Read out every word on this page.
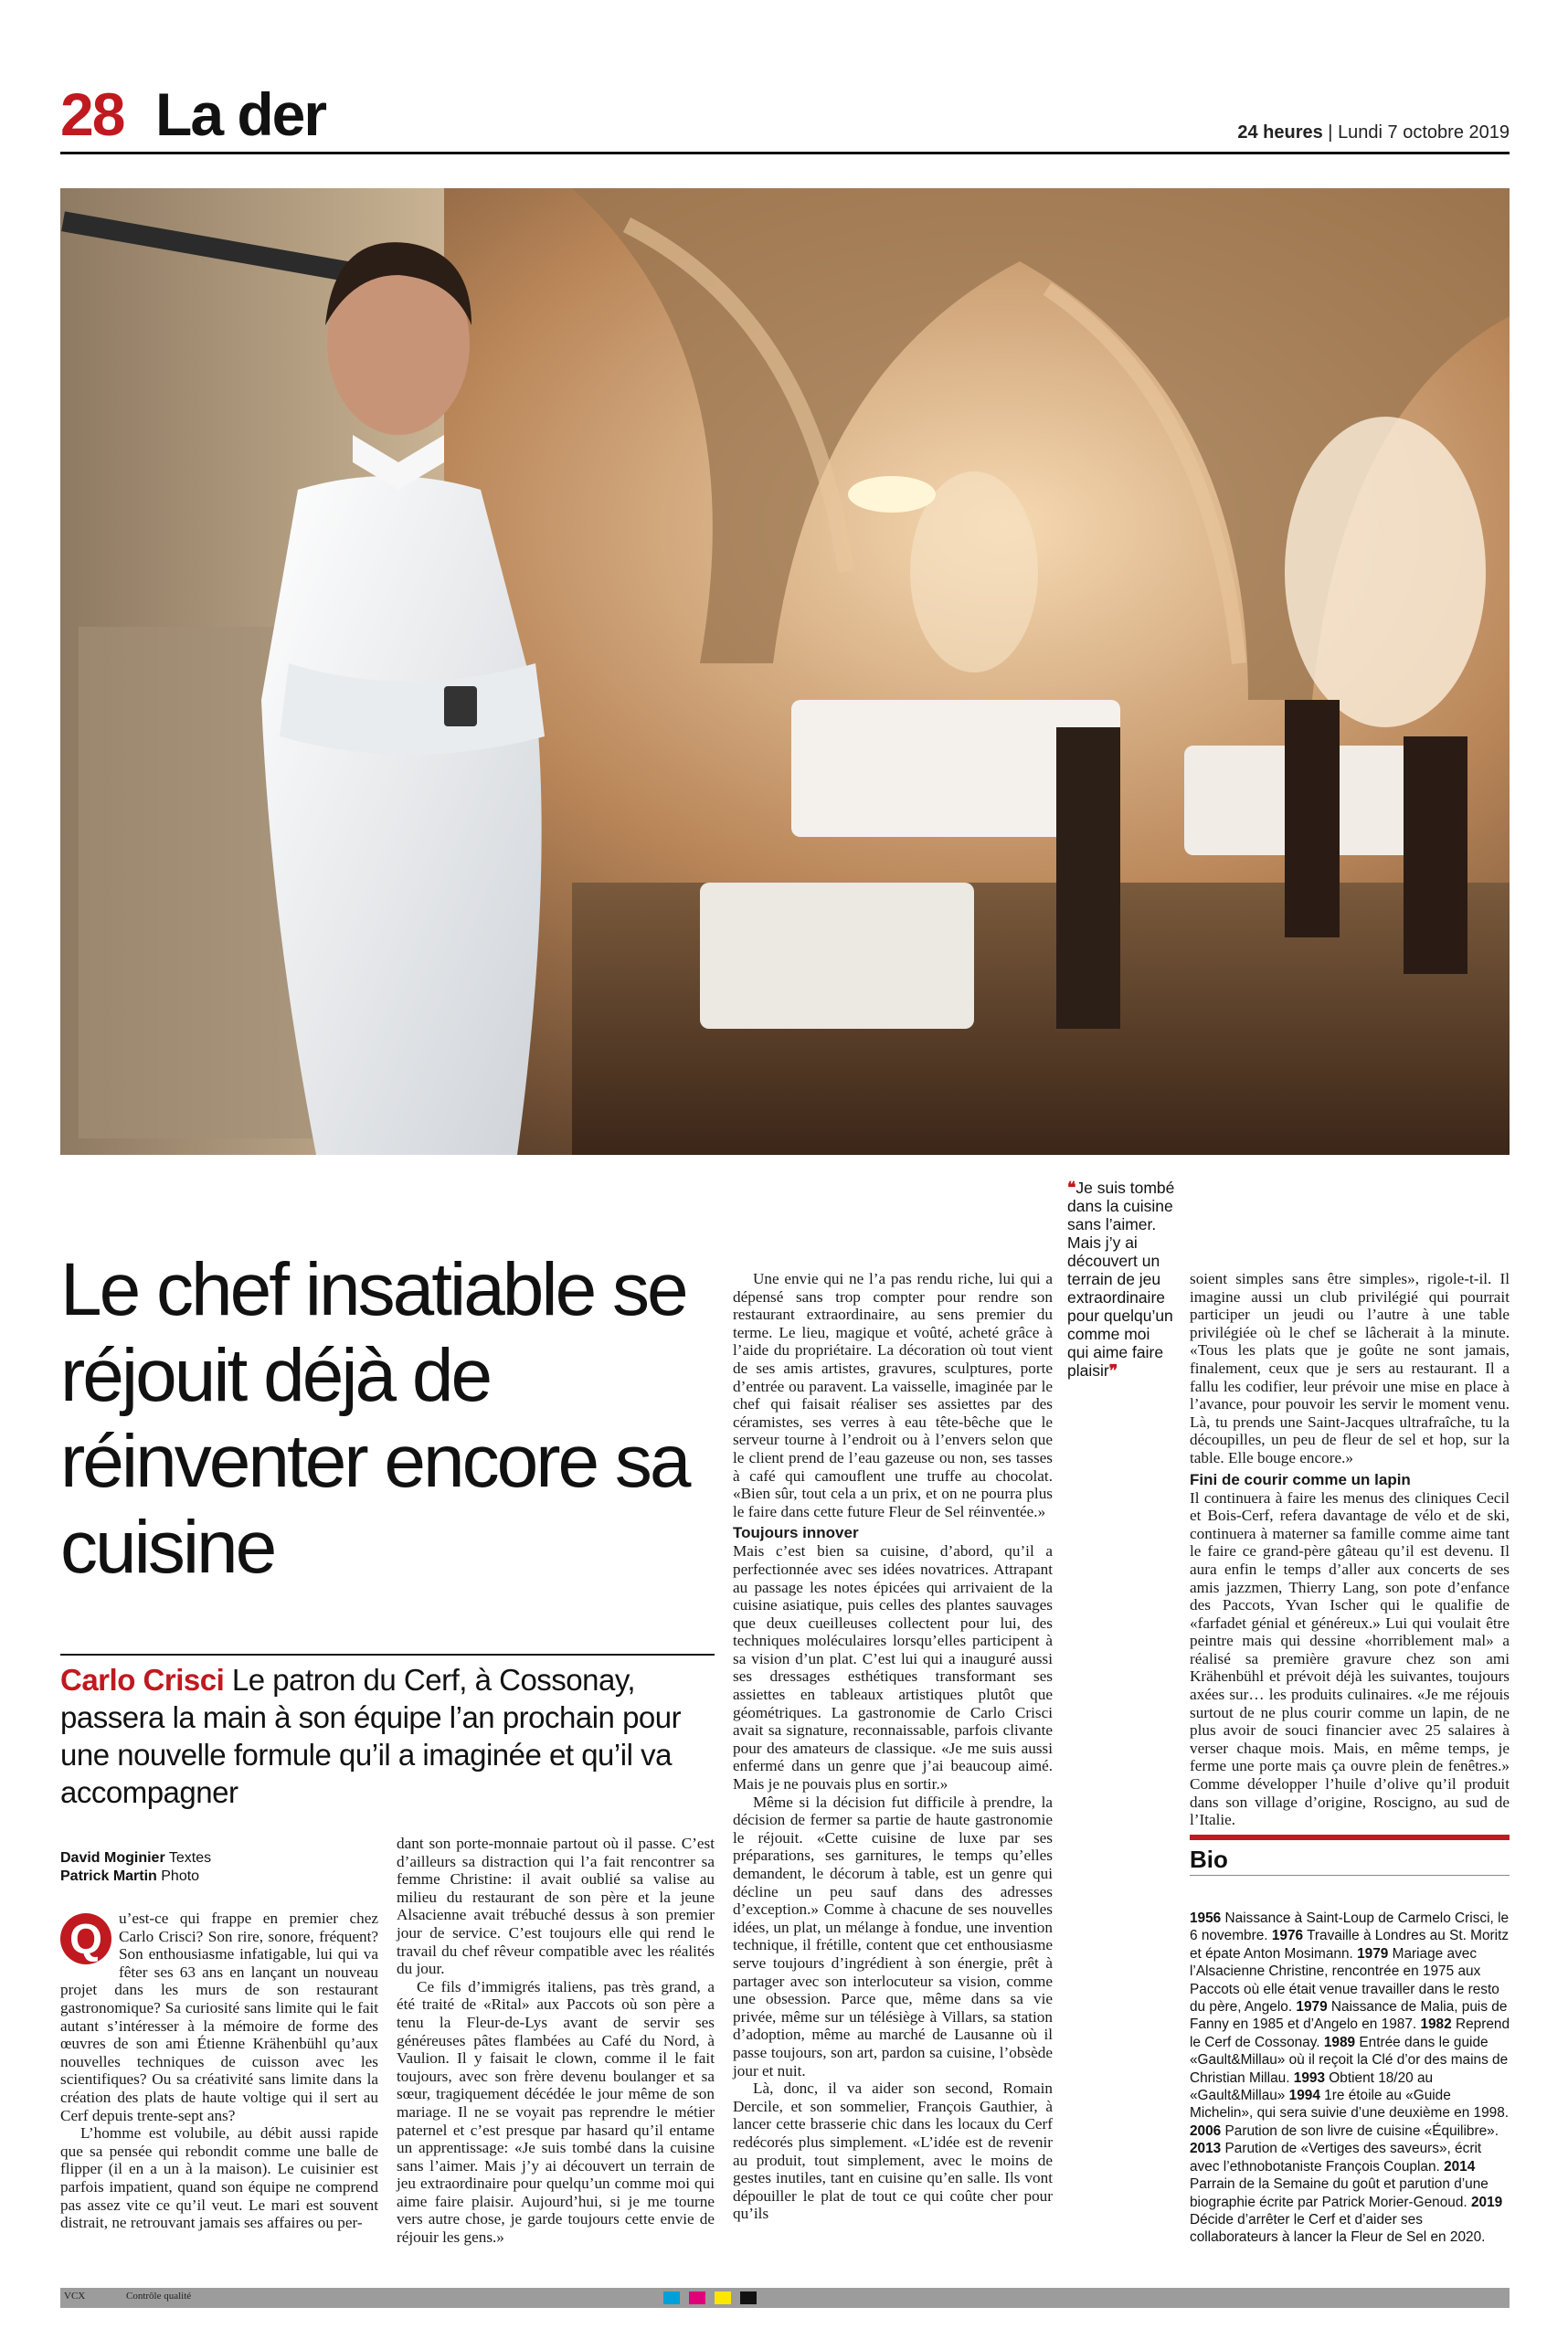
28 La der	24 heures | Lundi 7 octobre 2019
Le chef insatiable se réjouit déjà de réinventer encore sa cuisine
Carlo Crisci Le patron du Cerf, à Cossonay, passera la main à son équipe l’an prochain pour une nouvelle formule qu’il a imaginée et qu’il va accompagner
David Moginier Textes
Patrick Martin Photo

Q	u’est-ce qui frappe en premier chez Carlo Crisci? Son rire, sonore, fréquent? Son enthousiasme infatigable, lui qui va fêter ses 63 ans en lançant un nouveau projet dans les murs de son restaurant gastronomique? Sa curiosité sans limite qui le fait autant s’intéresser à la mémoire de forme des œuvres de son ami Étienne Krähenbühl qu’aux nouvelles techniques de cuisson avec les scientifiques? Ou sa créativité sans limite dans la création des plats de haute voltige qui il sert au Cerf depuis trente-sept ans?

L’homme est volubile, au débit aussi rapide que sa pensée qui rebondit comme une balle de flipper (il en a un à la maison). Le cuisinier est parfois impatient, quand son équipe ne comprend pas assez vite ce qu’il veut. Le mari est souvent distrait, ne retrouvant jamais ses affaires ou per-

dant son porte-monnaie partout où il passe. C’est d’ailleurs sa distraction qui l’a fait rencontrer sa femme Christine: il avait oublié sa valise au milieu du restaurant de son père et la jeune Alsacienne avait trébuché dessus à son premier jour de service. C’est toujours elle qui rend le travail du chef rêveur compatible avec les réalités du jour.

Ce fils d’immigrés italiens, pas très grand, a été traité de «Rital» aux Paccots où son père a tenu la Fleur-de-Lys avant de servir ses généreuses pâtes flambées au Café du Nord, à Vaulion. Il y faisait le clown, comme il le fait toujours, avec son frère devenu boulanger et sa sœur, tragiquement décédée le jour même de son mariage. Il ne se voyait pas reprendre le métier paternel et c’est presque par hasard qu’il entame un apprentissage: «Je suis tombé dans la cuisine sans l’aimer. Mais j’y ai découvert un terrain de jeu extraordinaire pour quelqu’un comme moi qui aime faire plaisir. Aujourd’hui, si je me tourne vers autre chose, je garde toujours cette envie de réjouir les gens.»

Une envie qui ne l’a pas rendu riche, lui qui a dépensé sans trop compter pour rendre son restaurant extraordinaire, au sens premier du terme. Le lieu, magique et voûté, acheté grâce à l’aide du propriétaire. La décoration où tout vient de ses amis artistes, gravures, sculptures, porte d’entrée ou paravent. La vaisselle, imaginée par le chef qui faisait réaliser ses assiettes par des céramistes, ses verres à eau tête-bêche que le serveur tourne à l’endroit ou à l’envers selon que le client prend de l’eau gazeuse ou non, ses tasses à café qui camouflent une truffe au chocolat. «Bien sûr, tout cela a un prix, et on ne pourra plus le faire dans cette future Fleur de Sel réinventée.»

Toujours innover

Mais c’est bien sa cuisine, d’abord, qu’il a perfectionnée avec ses idées novatrices. Attrapant au passage les notes épicées qui arrivaient de la cuisine asiatique, puis celles des plantes sauvages que deux cueilleuses collectent pour lui, des techniques moléculaires lorsqu’elles participent à sa vision d’un plat. C’est lui qui a inauguré aussi ses dressages esthétiques transformant ses assiettes en tableaux artistiques plutôt que géométriques. La gastronomie de Carlo Crisci avait sa signature, reconnaissable, parfois clivante pour des amateurs de classique. «Je me suis aussi enfermé dans un genre que j’ai beaucoup aimé. Mais je ne pouvais plus en sortir.»

Même si la décision fut difficile à prendre, la décision de fermer sa partie de haute gastronomie le réjouit. «Cette cuisine de luxe par ses préparations, ses garnitures, le temps qu’elles demandent, le décorum à table, est un genre qui décline un peu sauf dans des adresses d’exception.» Comme à chacune de ses nouvelles idées, un plat, un mélange à fondue, une invention technique, il frétille, content que cet enthousiasme serve toujours d’ingrédient à son énergie, prêt à partager avec son interlocuteur sa vision, comme une obsession. Parce que, même dans sa vie privée, même sur un télésiège à Villars, sa station d’adoption, même au marché de Lausanne où il passe toujours, son art, pardon sa cuisine, l’obsède jour et nuit.

Là, donc, il va aider son second, Romain Dercile, et son sommelier, François Gauthier, à lancer cette brasserie chic dans les locaux du Cerf redécorés plus simplement. «L’idée est de revenir au produit, tout simplement, avec le moins de gestes inutiles, tant en cuisine qu’en salle. Ils vont dépouiller le plat de tout ce qui coûte cher pour qu’ils

❝Je suis tombé dans la cuisine sans l’aimer. Mais j’y ai découvert un terrain de jeu extraordinaire pour quelqu’un comme moi qui aime faire plaisir❞

soient simples sans être simples», rigole-t-il. Il imagine aussi un club privilégié qui pourrait participer un jeudi ou l’autre à une table privilégiée où le chef se lâcherait à la minute. «Tous les plats que je goûte ne sont jamais, finalement, ceux que je sers au restaurant. Il a fallu les codifier, leur prévoir une mise en place à l’avance, pour pouvoir les servir le moment venu. Là, tu prends une Saint-Jacques ultrafraîche, tu la découpilles, un peu de fleur de sel et hop, sur la table. Elle bouge encore.»

Fini de courir comme un lapin

Il continuera à faire les menus des cliniques Cecil et Bois-Cerf, refera davantage de vélo et de ski, continuera à materner sa famille comme aime tant le faire ce grand-père gâteau qu’il est devenu. Il aura enfin le temps d’aller aux concerts de ses amis jazzmen, Thierry Lang, son pote d’enfance des Paccots, Yvan Ischer qui le qualifie de «farfadet génial et généreux.» Lui qui voulait être peintre mais qui dessine «horriblement mal» a réalisé sa première gravure chez son ami Krähenbühl et prévoit déjà les suivantes, toujours axées sur… les produits culinaires. «Je me réjouis surtout de ne plus courir comme un lapin, de ne plus avoir de souci financier avec 25 salaires à verser chaque mois. Mais, en même temps, je ferme une porte mais ça ouvre plein de fenêtres.» Comme développer l’huile d’olive qu’il produit dans son village d’origine, Roscigno, au sud de l’Italie.

Bio
1956 Naissance à Saint-Loup de Carmelo Crisci, le 6 novembre. 1976 Travaille à Londres au St. Moritz et épate Anton Mosimann. 1979 Mariage avec l’Alsacienne Christine, rencontrée en 1975 aux Paccots où elle était venue travailler dans le resto du père, Angelo. 1979 Naissance de Malia, puis de Fanny en 1985 et d’Angelo en 1987. 1982 Reprend le Cerf de Cossonay. 1989 Entrée dans le guide «Gault&Millau» où il reçoit la Clé d’or des mains de Christian Millau. 1993 Obtient 18/20 au «Gault&Millau» 1994 1re étoile au «Guide Michelin», qui sera suivie d’une deuxième en 1998. 2006 Parution de son livre de cuisine «Équilibre». 2013 Parution de «Vertiges des saveurs», écrit avec l’ethnobotaniste François Couplan. 2014 Parrain de la Semaine du goût et parution d’une biographie écrite par Patrick Morier-Genoud. 2019 Décide d’arrêter le Cerf et d’aider ses collaborateurs à lancer la Fleur de Sel en 2020.
VCX	Contrôle qualité
